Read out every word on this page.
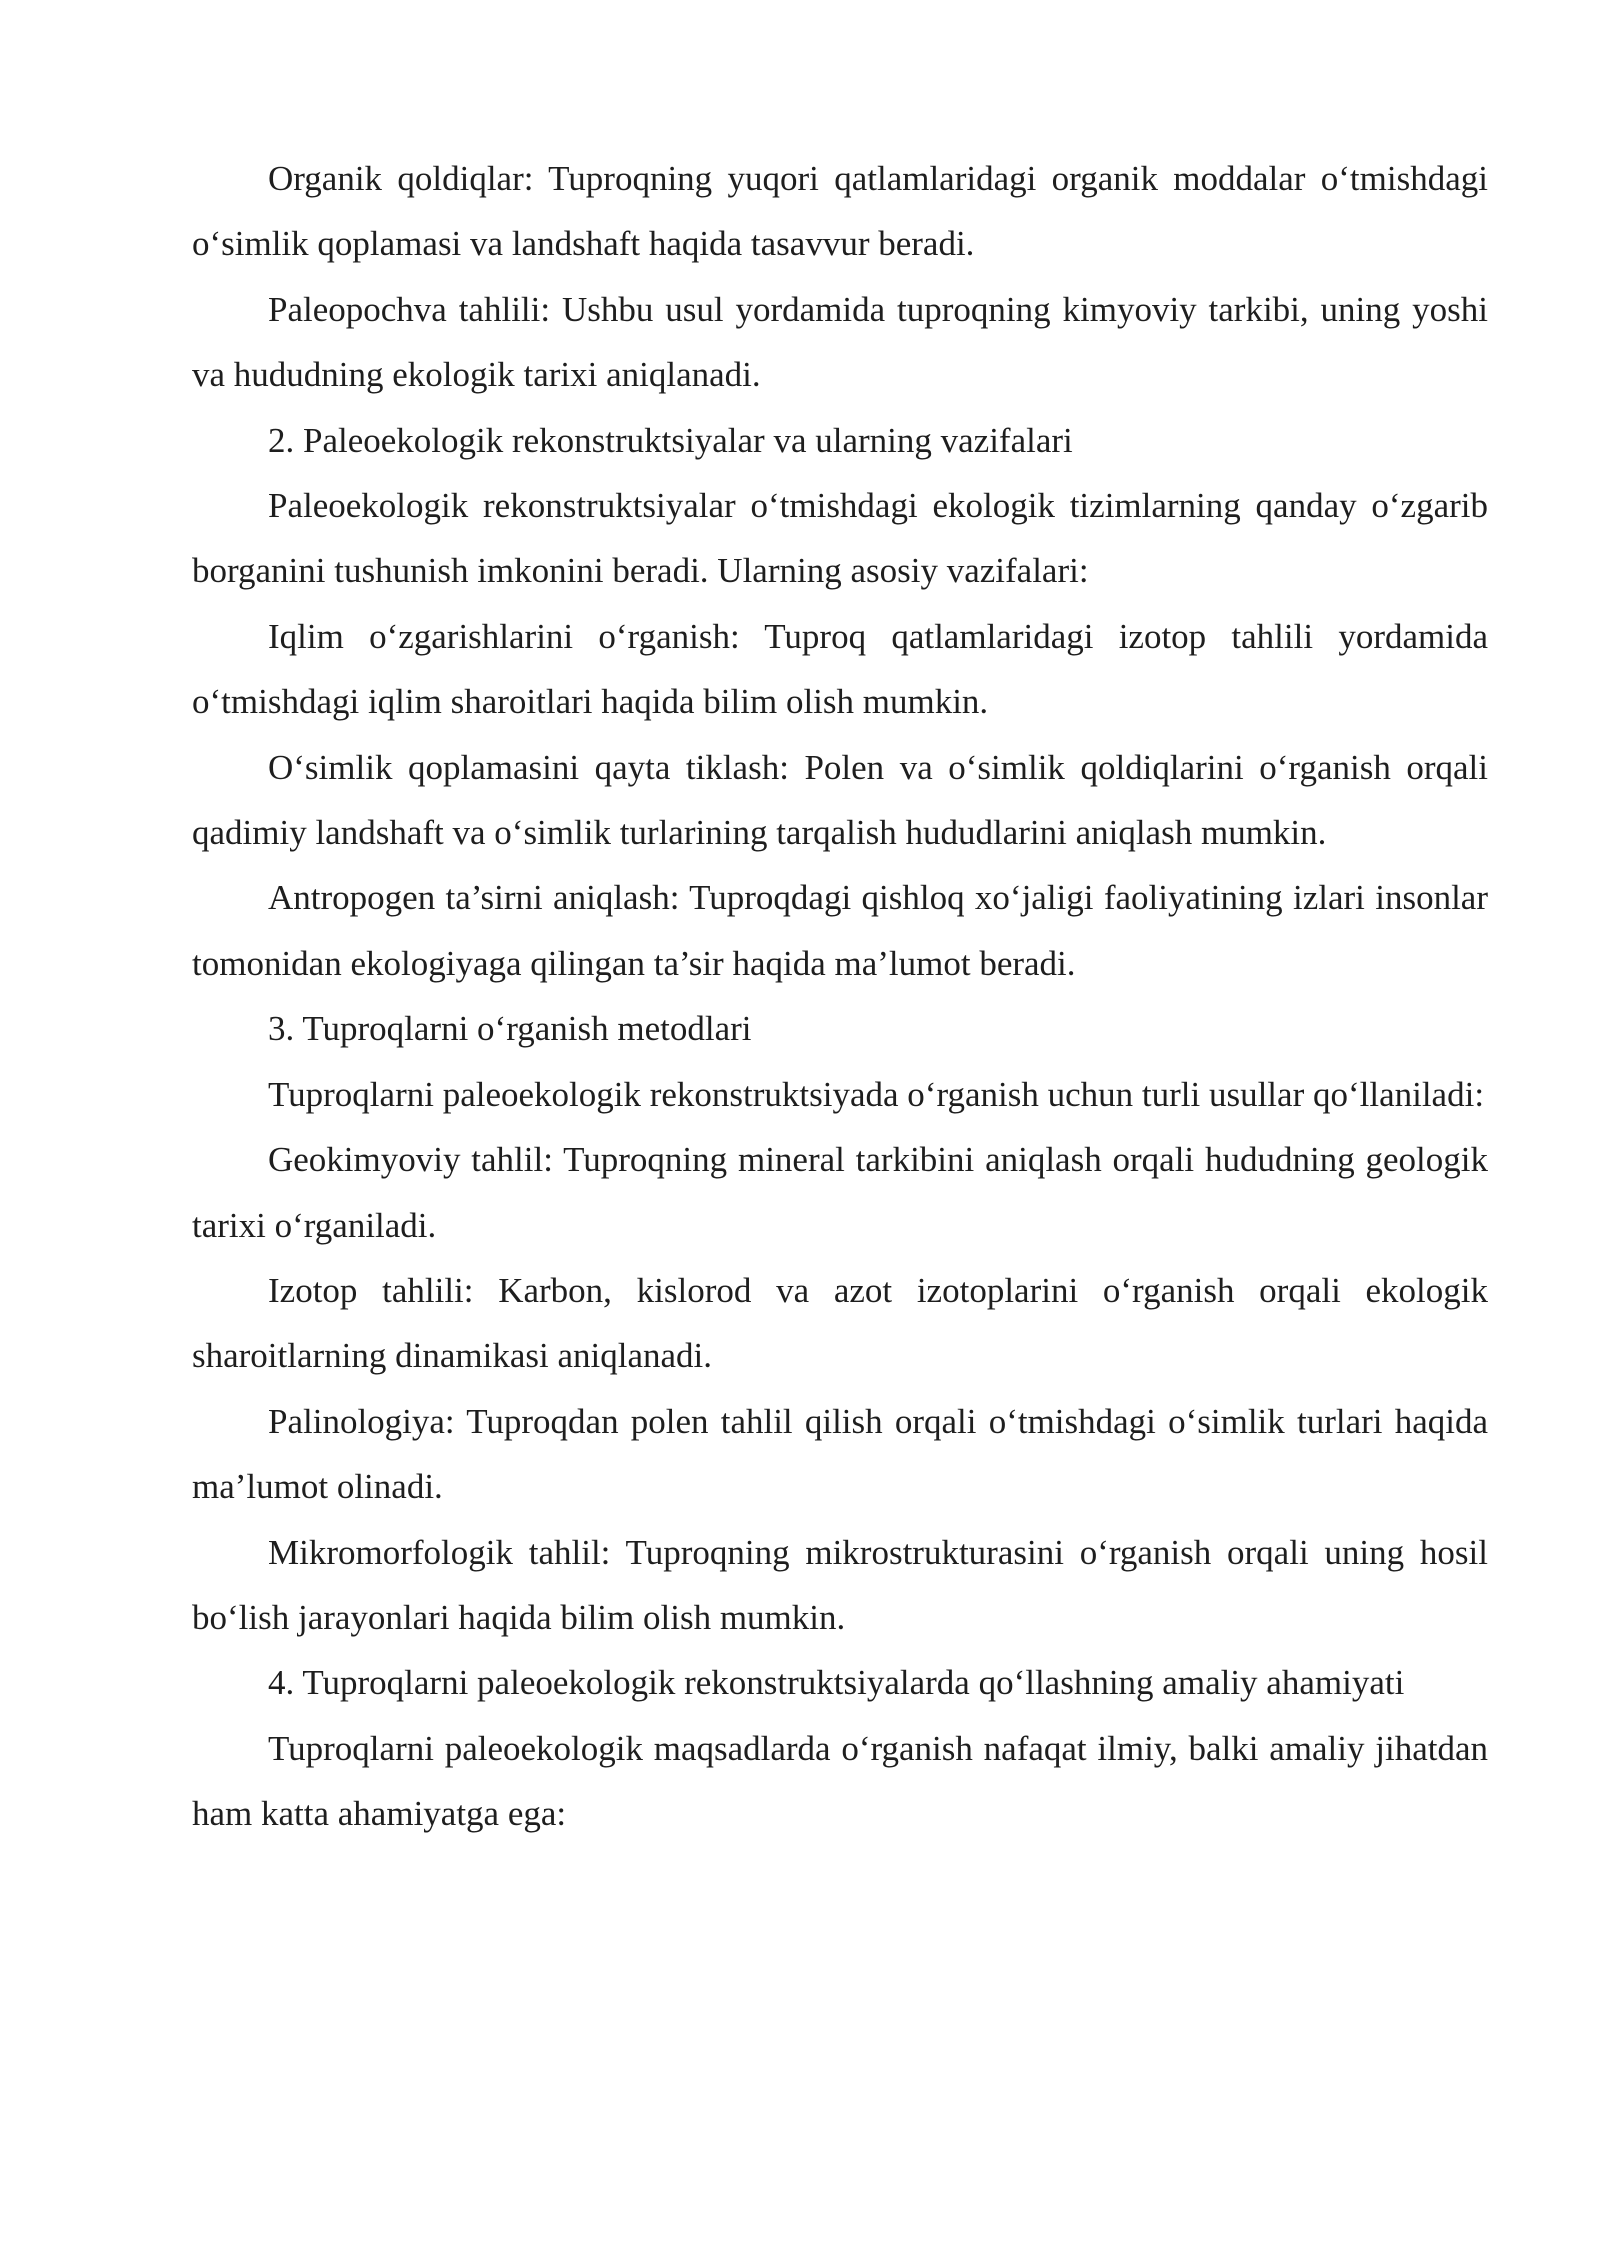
Organik qoldiqlar: Tuproqning yuqori qatlamlaridagi organik moddalar o‘tmishdagi o‘simlik qoplamasi va landshaft haqida tasavvur beradi.

Paleopochva tahlili: Ushbu usul yordamida tuproqning kimyoviy tarkibi, uning yoshi va hududning ekologik tarixi aniqlanadi.

2. Paleoekologik rekonstruktsiyalar va ularning vazifalari

Paleoekologik rekonstruktsiyalar o‘tmishdagi ekologik tizimlarning qanday o‘zgarib borganini tushunish imkonini beradi. Ularning asosiy vazifalari:

Iqlim o‘zgarishlarini o‘rganish: Tuproq qatlamlaridagi izotop tahlili yordamida o‘tmishdagi iqlim sharoitlari haqida bilim olish mumkin.

O‘simlik qoplamasini qayta tiklash: Polen va o‘simlik qoldiqlarini o‘rganish orqali qadimiy landshaft va o‘simlik turlarining tarqalish hududlarini aniqlash mumkin.

Antropogen ta’sirni aniqlash: Tuproqdagi qishloq xo‘jaligi faoliyatining izlari insonlar tomonidan ekologiyaga qilingan ta’sir haqida ma’lumot beradi.

3. Tuproqlarni o‘rganish metodlari

Tuproqlarni paleoekologik rekonstruktsiyada o‘rganish uchun turli usullar qo‘llaniladi:

Geokimyoviy tahlil: Tuproqning mineral tarkibini aniqlash orqali hududning geologik tarixi o‘rganiladi.

Izotop tahlili: Karbon, kislorod va azot izotoplarini o‘rganish orqali ekologik sharoitlarning dinamikasi aniqlanadi.

Palinologiya: Tuproqdan polen tahlil qilish orqali o‘tmishdagi o‘simlik turlari haqida ma’lumot olinadi.

Mikromorfologik tahlil: Tuproqning mikrostrukturasini o‘rganish orqali uning hosil bo‘lish jarayonlari haqida bilim olish mumkin.

4. Tuproqlarni paleoekologik rekonstruktsiyalarda qo‘llashning amaliy ahamiyati

Tuproqlarni paleoekologik maqsadlarda o‘rganish nafaqat ilmiy, balki amaliy jihatdan ham katta ahamiyatga ega:
